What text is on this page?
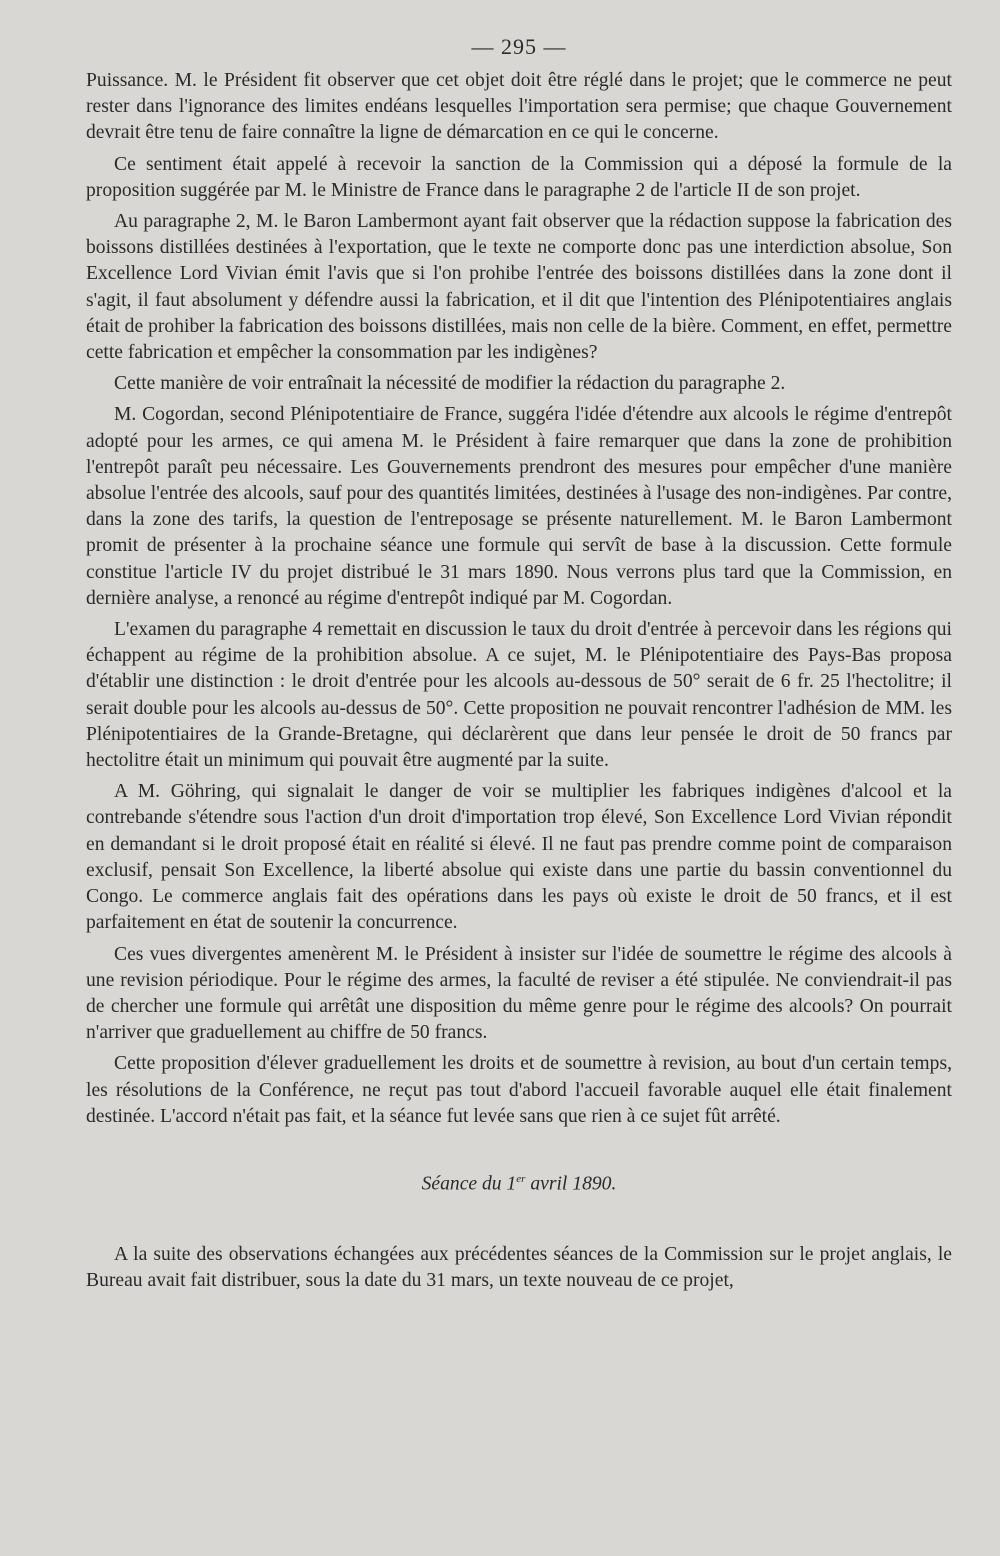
— 295 —

Puissance. M. le Président fit observer que cet objet doit être réglé dans le projet; que le commerce ne peut rester dans l'ignorance des limites endéans lesquelles l'importation sera permise; que chaque Gouvernement devrait être tenu de faire connaître la ligne de démarcation en ce qui le concerne.

Ce sentiment était appelé à recevoir la sanction de la Commission qui a déposé la formule de la proposition suggérée par M. le Ministre de France dans le paragraphe 2 de l'article II de son projet.

Au paragraphe 2, M. le Baron Lambermont ayant fait observer que la rédaction suppose la fabrication des boissons distillées destinées à l'exportation, que le texte ne comporte donc pas une interdiction absolue, Son Excellence Lord Vivian émit l'avis que si l'on prohibe l'entrée des boissons distillées dans la zone dont il s'agit, il faut absolument y défendre aussi la fabrication, et il dit que l'intention des Plénipotentiaires anglais était de prohiber la fabrication des boissons distillées, mais non celle de la bière. Comment, en effet, permettre cette fabrication et empêcher la consommation par les indigènes?

Cette manière de voir entraînait la nécessité de modifier la rédaction du paragraphe 2.

M. Cogordan, second Plénipotentiaire de France, suggéra l'idée d'étendre aux alcools le régime d'entrepôt adopté pour les armes, ce qui amena M. le Président à faire remarquer que dans la zone de prohibition l'entrepôt paraît peu nécessaire. Les Gouvernements prendront des mesures pour empêcher d'une manière absolue l'entrée des alcools, sauf pour des quantités limitées, destinées à l'usage des non-indigènes. Par contre, dans la zone des tarifs, la question de l'entreposage se présente naturellement. M. le Baron Lambermont promit de présenter à la prochaine séance une formule qui servît de base à la discussion. Cette formule constitue l'article IV du projet distribué le 31 mars 1890. Nous verrons plus tard que la Commission, en dernière analyse, a renoncé au régime d'entrepôt indiqué par M. Cogordan.

L'examen du paragraphe 4 remettait en discussion le taux du droit d'entrée à percevoir dans les régions qui échappent au régime de la prohibition absolue. A ce sujet, M. le Plénipotentiaire des Pays-Bas proposa d'établir une distinction : le droit d'entrée pour les alcools au-dessous de 50° serait de 6 fr. 25 l'hectolitre; il serait double pour les alcools au-dessus de 50°. Cette proposition ne pouvait rencontrer l'adhésion de MM. les Plénipotentiaires de la Grande-Bretagne, qui déclarèrent que dans leur pensée le droit de 50 francs par hectolitre était un minimum qui pouvait être augmenté par la suite.

A M. Göhring, qui signalait le danger de voir se multiplier les fabriques indigènes d'alcool et la contrebande s'étendre sous l'action d'un droit d'importation trop élevé, Son Excellence Lord Vivian répondit en demandant si le droit proposé était en réalité si élevé. Il ne faut pas prendre comme point de comparaison exclusif, pensait Son Excellence, la liberté absolue qui existe dans une partie du bassin conventionnel du Congo. Le commerce anglais fait des opérations dans les pays où existe le droit de 50 francs, et il est parfaitement en état de soutenir la concurrence.

Ces vues divergentes amenèrent M. le Président à insister sur l'idée de soumettre le régime des alcools à une revision périodique. Pour le régime des armes, la faculté de reviser a été stipulée. Ne conviendrait-il pas de chercher une formule qui arrêtât une disposition du même genre pour le régime des alcools? On pourrait n'arriver que graduellement au chiffre de 50 francs.

Cette proposition d'élever graduellement les droits et de soumettre à revision, au bout d'un certain temps, les résolutions de la Conférence, ne reçut pas tout d'abord l'accueil favorable auquel elle était finalement destinée. L'accord n'était pas fait, et la séance fut levée sans que rien à ce sujet fût arrêté.

Séance du 1er avril 1890.

A la suite des observations échangées aux précédentes séances de la Commission sur le projet anglais, le Bureau avait fait distribuer, sous la date du 31 mars, un texte nouveau de ce projet,
